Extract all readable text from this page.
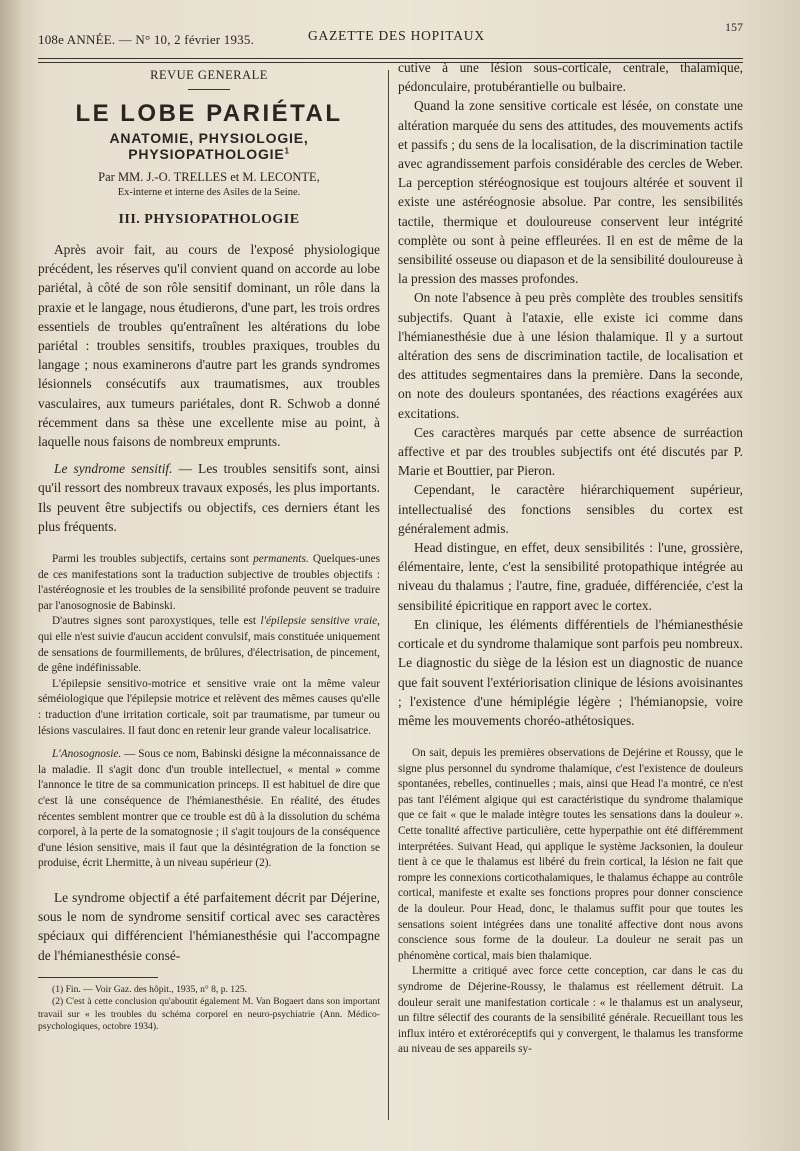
108e ANNÉE. — N° 10, 2 février 1935.	GAZETTE DES HOPITAUX
157
REVUE GENERALE
LE LOBE PARIÉTAL
ANATOMIE, PHYSIOLOGIE, PHYSIOPATHOLOGIE$^1$
Par MM. J.-O. TRELLES et M. LECONTE,
Ex-interne et interne des Asiles de la Seine.
III. PHYSIOPATHOLOGIE

Après avoir fait, au cours de l'exposé physiologique précédent, les réserves qu'il convient quand on accorde au lobe pariétal, à côté de son rôle sensitif dominant, un rôle dans la praxie et le langage, nous étudierons, d'une part, les trois ordres essentiels de troubles qu'entraînent les altérations du lobe pariétal : troubles sensitifs, troubles praxiques, troubles du langage ; nous examinerons d'autre part les grands syndromes lésionnels consécutifs aux traumatismes, aux troubles vasculaires, aux tumeurs pariétales, dont R. Schwob a donné récemment dans sa thèse une excellente mise au point, à laquelle nous faisons de nombreux emprunts.

Le syndrome sensitif. — Les troubles sensitifs sont, ainsi qu'il ressort des nombreux travaux exposés, les plus importants. Ils peuvent être subjectifs ou objectifs, ces derniers étant les plus fréquents.

Parmi les troubles subjectifs, certains sont permanents. Quelques-unes de ces manifestations sont la traduction subjective de troubles objectifs : l'astéréognosie et les troubles de la sensibilité profonde peuvent se traduire par l'anosognosie de Babinski.

D'autres signes sont paroxystiques, telle est l'épilepsie sensitive vraie, qui elle n'est suivie d'aucun accident convulsif, mais constituée uniquement de sensations de fourmillements, de brûlures, d'électrisation, de pincement, de gêne indéfinissable.

L'épilepsie sensitivo-motrice et sensitive vraie ont la même valeur séméiologique que l'épilepsie motrice et relèvent des mêmes causes qu'elle : traduction d'une irritation corticale, soit par traumatisme, par tumeur ou lésions vasculaires. Il faut donc en retenir leur grande valeur localisatrice.

L'Anosognosie. — Sous ce nom, Babinski désigne la méconnaissance de la maladie. Il s'agit donc d'un trouble intellectuel, « mental » comme l'annonce le titre de sa communication princeps. Il est habituel de dire que c'est là une conséquence de l'hémianesthésie. En réalité, des études récentes semblent montrer que ce trouble est dû à la dissolution du schéma corporel, à la perte de la somatognosie ; il s'agit toujours de la conséquence d'une lésion sensitive, mais il faut que la désintégration de la fonction se produise, écrit Lhermitte, à un niveau supérieur (2).

Le syndrome objectif a été parfaitement décrit par Déjerine, sous le nom de syndrome sensitif cortical avec ses caractères spéciaux qui différencient l'hémianesthésie qui l'accompagne de l'hémianesthésie consé-

(1) Fin. — Voir Gaz. des hôpit., 1935, n° 8, p. 125.

(2) C'est à cette conclusion qu'aboutit également M. Van Bogaert dans son important travail sur « les troubles du schéma corporel en neuro-psychiatrie (Ann. Médico-psychologiques, octobre 1934).

cutive à une lésion sous-corticale, centrale, thalamique, pédonculaire, protubérantielle ou bulbaire.

Quand la zone sensitive corticale est lésée, on constate une altération marquée du sens des attitudes, des mouvements actifs et passifs ; du sens de la localisation, de la discrimination tactile avec agrandissement parfois considérable des cercles de Weber. La perception stéréognosique est toujours altérée et souvent il existe une astéréognosie absolue. Par contre, les sensibilités tactile, thermique et douloureuse conservent leur intégrité complète ou sont à peine effleurées. Il en est de même de la sensibilité osseuse ou diapason et de la sensibilité douloureuse à la pression des masses profondes.

On note l'absence à peu près complète des troubles sensitifs subjectifs. Quant à l'ataxie, elle existe ici comme dans l'hémianesthésie due à une lésion thalamique. Il y a surtout altération des sens de discrimination tactile, de localisation et des attitudes segmentaires dans la première. Dans la seconde, on note des douleurs spontanées, des réactions exagérées aux excitations.

Ces caractères marqués par cette absence de surréaction affective et par des troubles subjectifs ont été discutés par P. Marie et Bouttier, par Pieron.

Cependant, le caractère hiérarchiquement supérieur, intellectualisé des fonctions sensibles du cortex est généralement admis.

Head distingue, en effet, deux sensibilités : l'une, grossière, élémentaire, lente, c'est la sensibilité protopathique intégrée au niveau du thalamus ; l'autre, fine, graduée, différenciée, c'est la sensibilité épicritique en rapport avec le cortex.

En clinique, les éléments différentiels de l'hémianesthésie corticale et du syndrome thalamique sont parfois peu nombreux. Le diagnostic du siège de la lésion est un diagnostic de nuance que fait souvent l'extériorisation clinique de lésions avoisinantes ; l'existence d'une hémiplégie légère ; l'hémianopsie, voire même les mouvements choréo-athétosiques.

On sait, depuis les premières observations de Dejérine et Roussy, que le signe plus personnel du syndrome thalamique, c'est l'existence de douleurs spontanées, rebelles, continuelles ; mais, ainsi que Head l'a montré, ce n'est pas tant l'élément algique qui est caractéristique du syndrome thalamique que ce fait « que le malade intègre toutes les sensations dans la douleur ». Cette tonalité affective particulière, cette hyperpathie ont été différemment interprétées. Suivant Head, qui applique le système Jacksonien, la douleur tient à ce que le thalamus est libéré du frein cortical, la lésion ne fait que rompre les connexions corticothalamiques, le thalamus échappe au contrôle cortical, manifeste et exalte ses fonctions propres pour donner conscience de la douleur. Pour Head, donc, le thalamus suffit pour que toutes les sensations soient intégrées dans une tonalité affective dont nous avons conscience sous forme de la douleur. La douleur ne serait pas un phénomène cortical, mais bien thalamique.

Lhermitte a critiqué avec force cette conception, car dans le cas du syndrome de Déjerine-Roussy, le thalamus est réellement détruit. La douleur serait une manifestation corticale : « le thalamus est un analyseur, un filtre sélectif des courants de la sensibilité générale. Recueillant tous les influx intéro et extéroréceptifs qui y convergent, le thalamus les transforme au niveau de ses appareils sy-
